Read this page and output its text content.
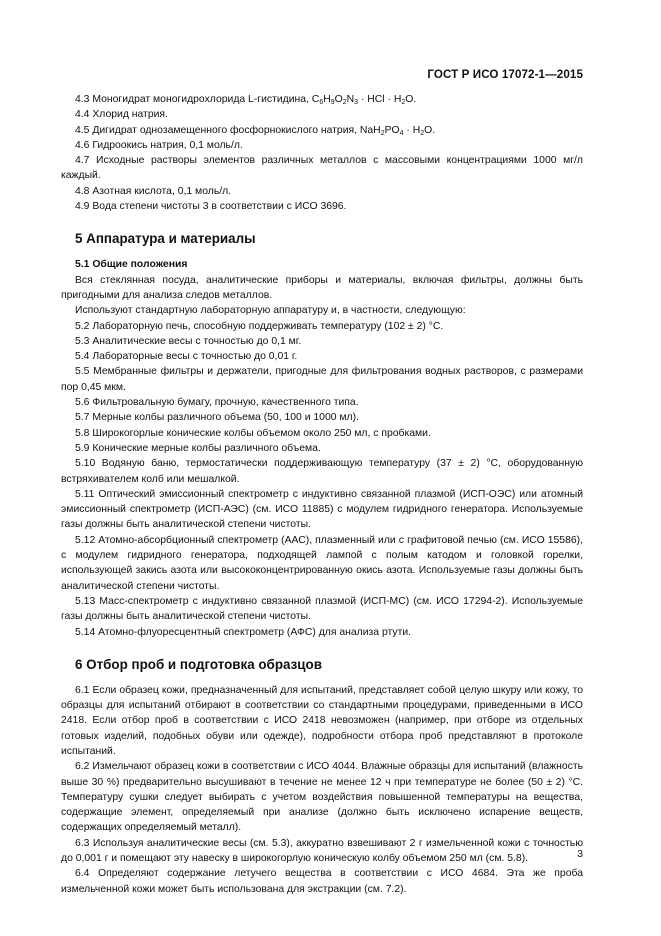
ГОСТ Р ИСО 17072-1—2015

4.3 Моногидрат моногидрохлорида L-гистидина, $C_6H_9O_2N_3$ · HCl · $H_2O$.

4.4 Хлорид натрия.

4.5 Дигидрат однозамещенного фосфорнокислого натрия, $NaH_2PO_4 \cdot H_2O$.

4.6 Гидроокись натрия, 0,1 моль/л.

4.7 Исходные растворы элементов различных металлов с массовыми концентрациями 1000 мг/л каждый.

4.8 Азотная кислота, 0,1 моль/л.

4.9 Вода степени чистоты 3 в соответствии с ИСО 3696.

5 Аппаратура и материалы

5.1 Общие положения

Вся стеклянная посуда, аналитические приборы и материалы, включая фильтры, должны быть пригодными для анализа следов металлов.

Используют стандартную лабораторную аппаратуру и, в частности, следующую:

5.2 Лабораторную печь, способную поддерживать температуру (102 ± 2) °С.

5.3 Аналитические весы с точностью до 0,1 мг.

5.4 Лабораторные весы с точностью до 0,01 г.

5.5 Мембранные фильтры и держатели, пригодные для фильтрования водных растворов, с размерами пор 0,45 мкм.

5.6 Фильтровальную бумагу, прочную, качественного типа.

5.7 Мерные колбы различного объема (50, 100 и 1000 мл).

5.8 Широкогорлые конические колбы объемом около 250 мл, с пробками.

5.9 Конические мерные колбы различного объема.

5.10 Водяную баню, термостатически поддерживающую температуру (37 ± 2) °С, оборудованную встряхивателем колб или мешалкой.

5.11 Оптический эмиссионный спектрометр с индуктивно связанной плазмой (ИСП-ОЭС) или атомный эмиссионный спектрометр (ИСП-АЭС) (см. ИСО 11885) с модулем гидридного генератора. Используемые газы должны быть аналитической степени чистоты.

5.12 Атомно-абсорбционный спектрометр (ААС), плазменный или с графитовой печью (см. ИСО 15586), с модулем гидридного генератора, подходящей лампой с полым катодом и головкой горелки, использующей закись азота или высококонцентрированную окись азота. Используемые газы должны быть аналитической степени чистоты.

5.13 Масс-спектрометр с индуктивно связанной плазмой (ИСП-МС) (см. ИСО 17294-2). Используемые газы должны быть аналитической степени чистоты.

5.14 Атомно-флуоресцентный спектрометр (АФС) для анализа ртути.

6 Отбор проб и подготовка образцов

6.1 Если образец кожи, предназначенный для испытаний, представляет собой целую шкуру или кожу, то образцы для испытаний отбирают в соответствии со стандартными процедурами, приведенными в ИСО 2418. Если отбор проб в соответствии с ИСО 2418 невозможен (например, при отборе из отдельных готовых изделий, подобных обуви или одежде), подробности отбора проб представляют в протоколе испытаний.

6.2 Измельчают образец кожи в соответствии с ИСО 4044. Влажные образцы для испытаний (влажность выше 30 %) предварительно высушивают в течение не менее 12 ч при температуре не более (50 ± 2) °С. Температуру сушки следует выбирать с учетом воздействия повышенной температуры на вещества, содержащие элемент, определяемый при анализе (должно быть исключено испарение веществ, содержащих определяемый металл).

6.3 Используя аналитические весы (см. 5.3), аккуратно взвешивают 2 г измельченной кожи с точностью до 0,001 г и помещают эту навеску в широкогорлую коническую колбу объемом 250 мл (см. 5.8).

6.4 Определяют содержание летучего вещества в соответствии с ИСО 4684. Эта же проба измельченной кожи может быть использована для экстракции (см. 7.2).

3
